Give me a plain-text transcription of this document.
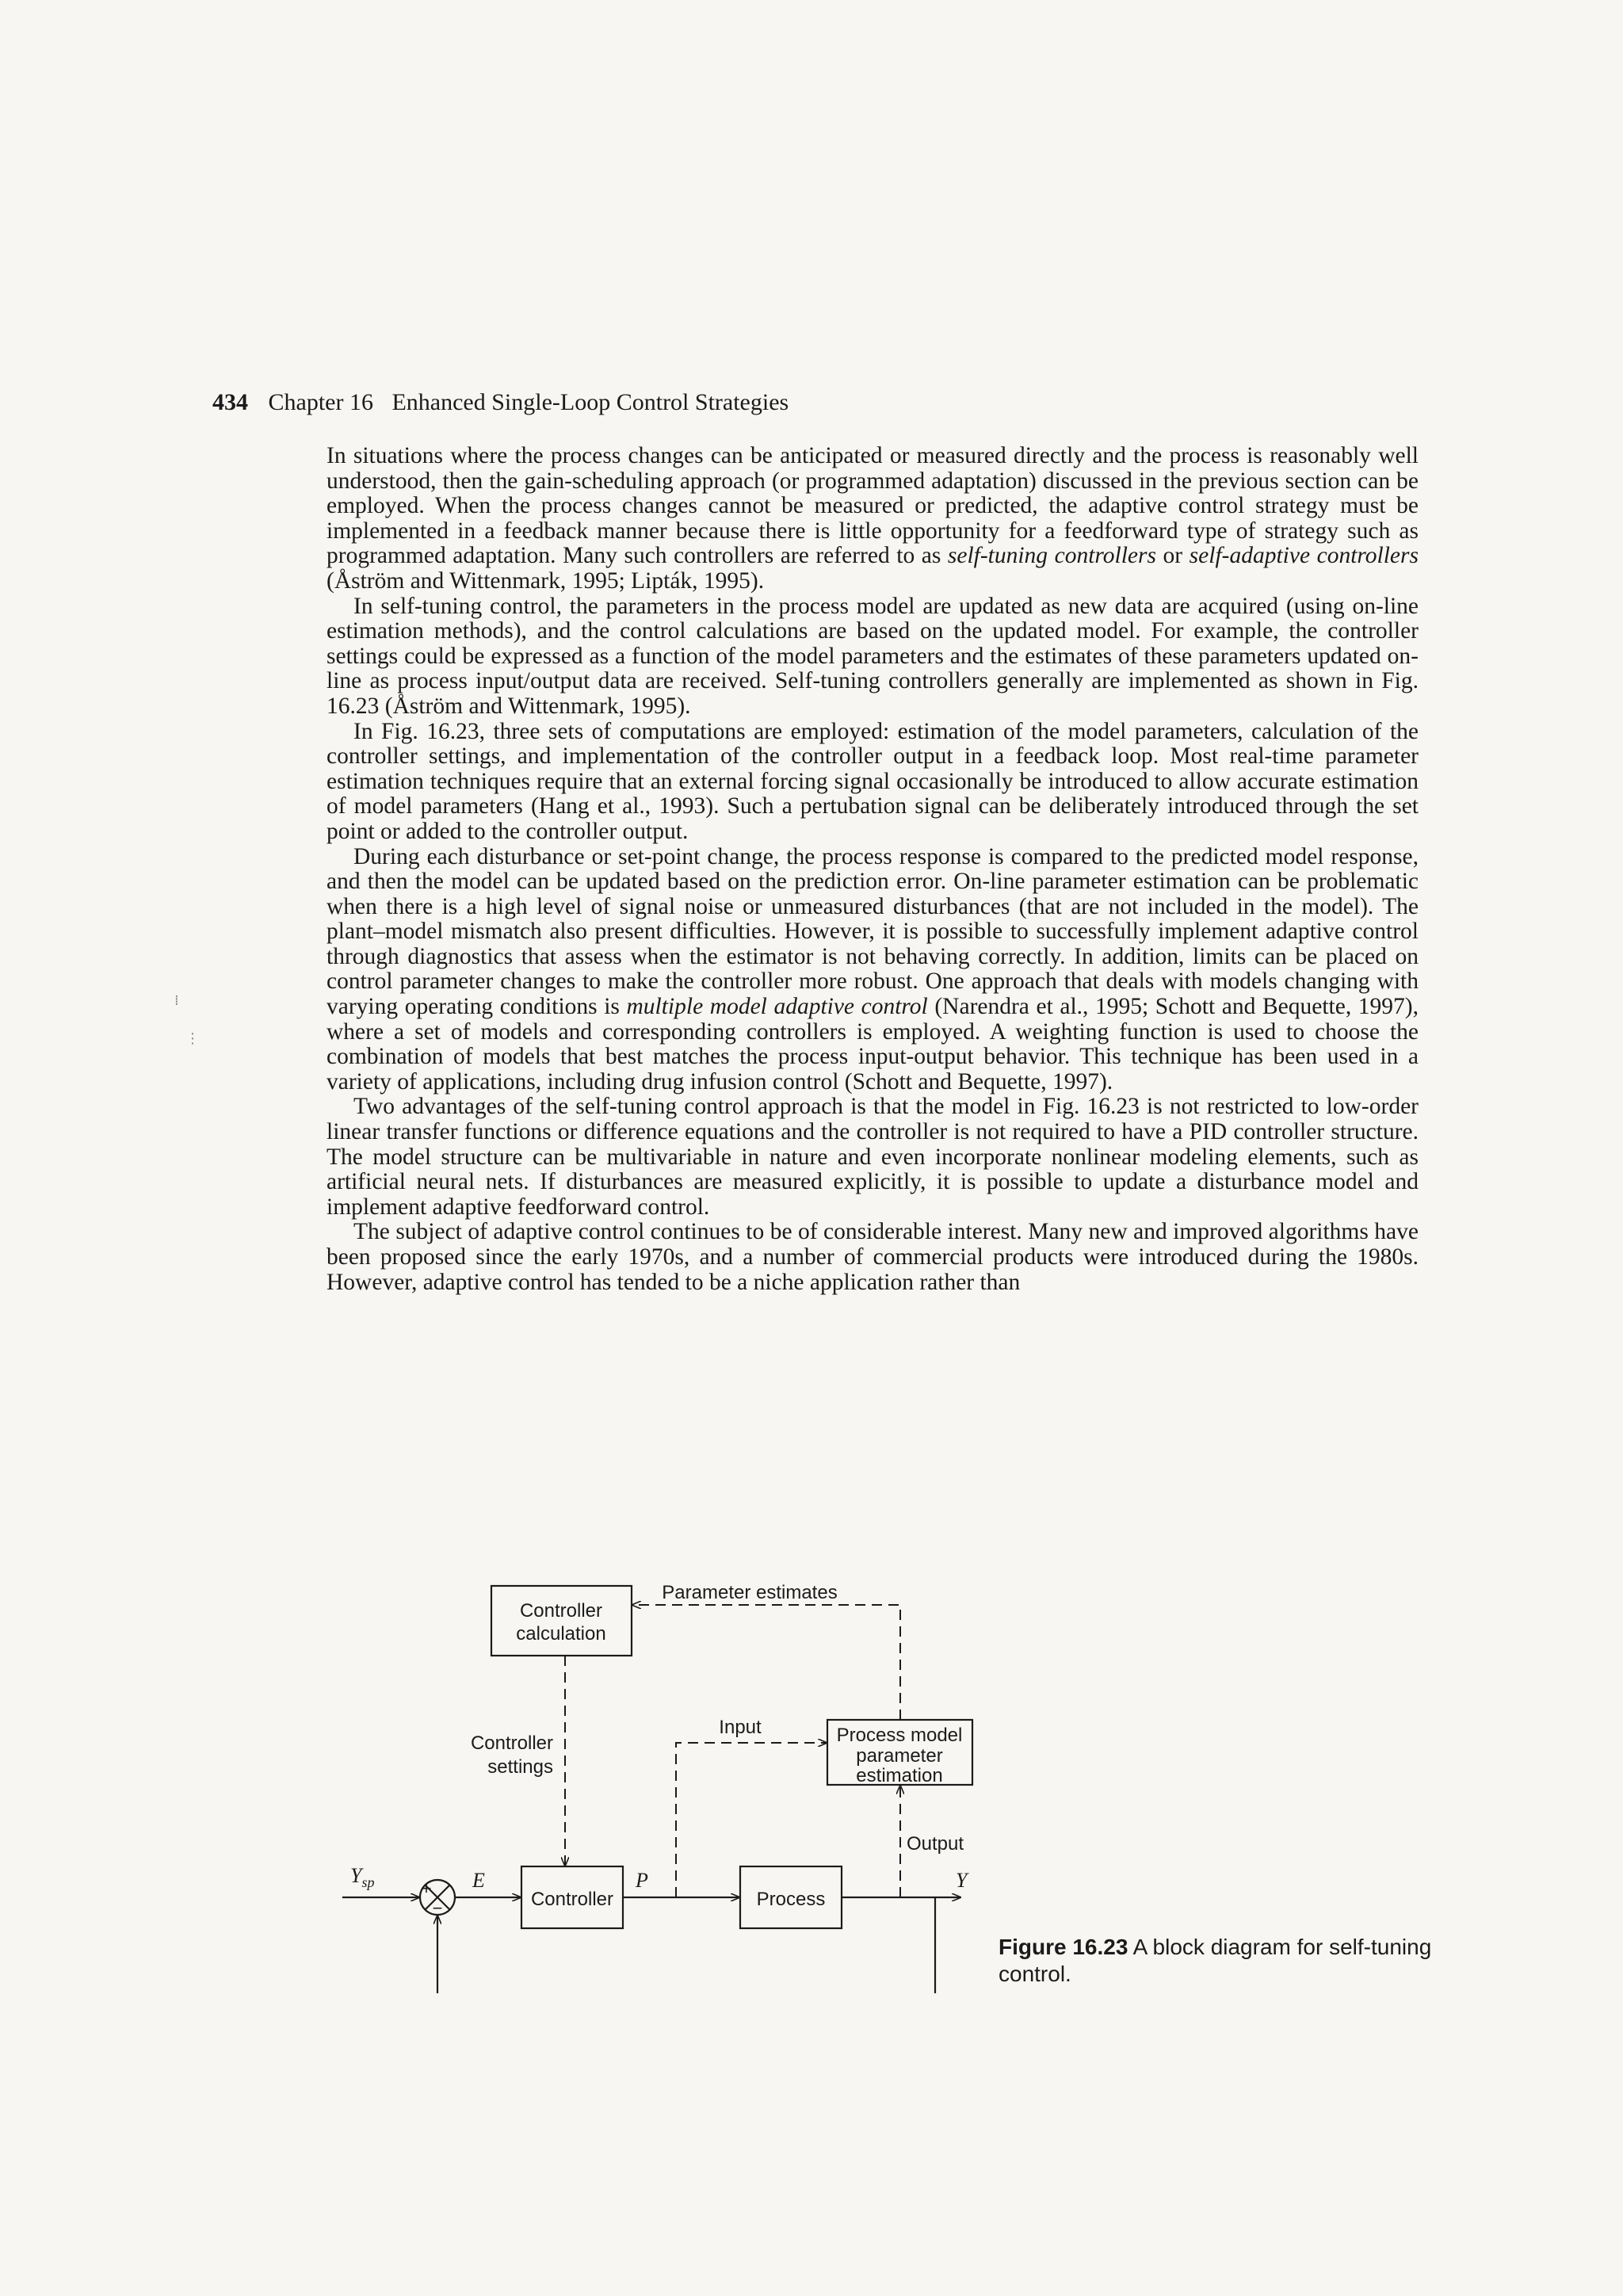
434 Chapter 16 Enhanced Single-Loop Control Strategies

In situations where the process changes can be anticipated or measured directly and the process is reasonably well understood, then the gain-scheduling approach (or programmed adaptation) discussed in the previous section can be employed. When the process changes cannot be measured or predicted, the adaptive control strategy must be implemented in a feedback manner because there is little opportunity for a feedforward type of strategy such as programmed adaptation. Many such controllers are referred to as self-tuning controllers or self-adaptive controllers (Åström and Wittenmark, 1995; Lipták, 1995).

In self-tuning control, the parameters in the process model are updated as new data are acquired (using on-line estimation methods), and the control calculations are based on the updated model. For example, the controller settings could be expressed as a function of the model parameters and the estimates of these parameters updated on-line as process input/output data are received. Self-tuning controllers generally are implemented as shown in Fig. 16.23 (Åström and Wittenmark, 1995).

In Fig. 16.23, three sets of computations are employed: estimation of the model parameters, calculation of the controller settings, and implementation of the controller output in a feedback loop. Most real-time parameter estimation techniques require that an external forcing signal occasionally be introduced to allow accurate estimation of model parameters (Hang et al., 1993). Such a pertubation signal can be deliberately introduced through the set point or added to the controller output.

During each disturbance or set-point change, the process response is compared to the predicted model response, and then the model can be updated based on the prediction error. On-line parameter estimation can be problematic when there is a high level of signal noise or unmeasured disturbances (that are not included in the model). The plant–model mismatch also present difficulties. However, it is possible to successfully implement adaptive control through diagnostics that assess when the estimator is not behaving correctly. In addition, limits can be placed on control parameter changes to make the controller more robust. One approach that deals with models changing with varying operating conditions is multiple model adaptive control (Narendra et al., 1995; Schott and Bequette, 1997), where a set of models and corresponding controllers is employed. A weighting function is used to choose the combination of models that best matches the process input-output behavior. This technique has been used in a variety of applications, including drug infusion control (Schott and Bequette, 1997).

Two advantages of the self-tuning control approach is that the model in Fig. 16.23 is not restricted to low-order linear transfer functions or difference equations and the controller is not required to have a PID controller structure. The model structure can be multivariable in nature and even incorporate nonlinear modeling elements, such as artificial neural nets. If disturbances are measured explicitly, it is possible to update a disturbance model and implement adaptive feedforward control.

The subject of adaptive control continues to be of considerable interest. Many new and improved algorithms have been proposed since the early 1970s, and a number of commercial products were introduced during the 1980s. However, adaptive control has tended to be a niche application rather than

Controller
calculation
Parameter estimates
Controller
settings
Input	Process model
parameter
estimation
Output
Controller	Process
+
−
$Y_{sp}$	E	P	Y
Figure 16.23 A block diagram for self-tuning control.
⁞
⋮
